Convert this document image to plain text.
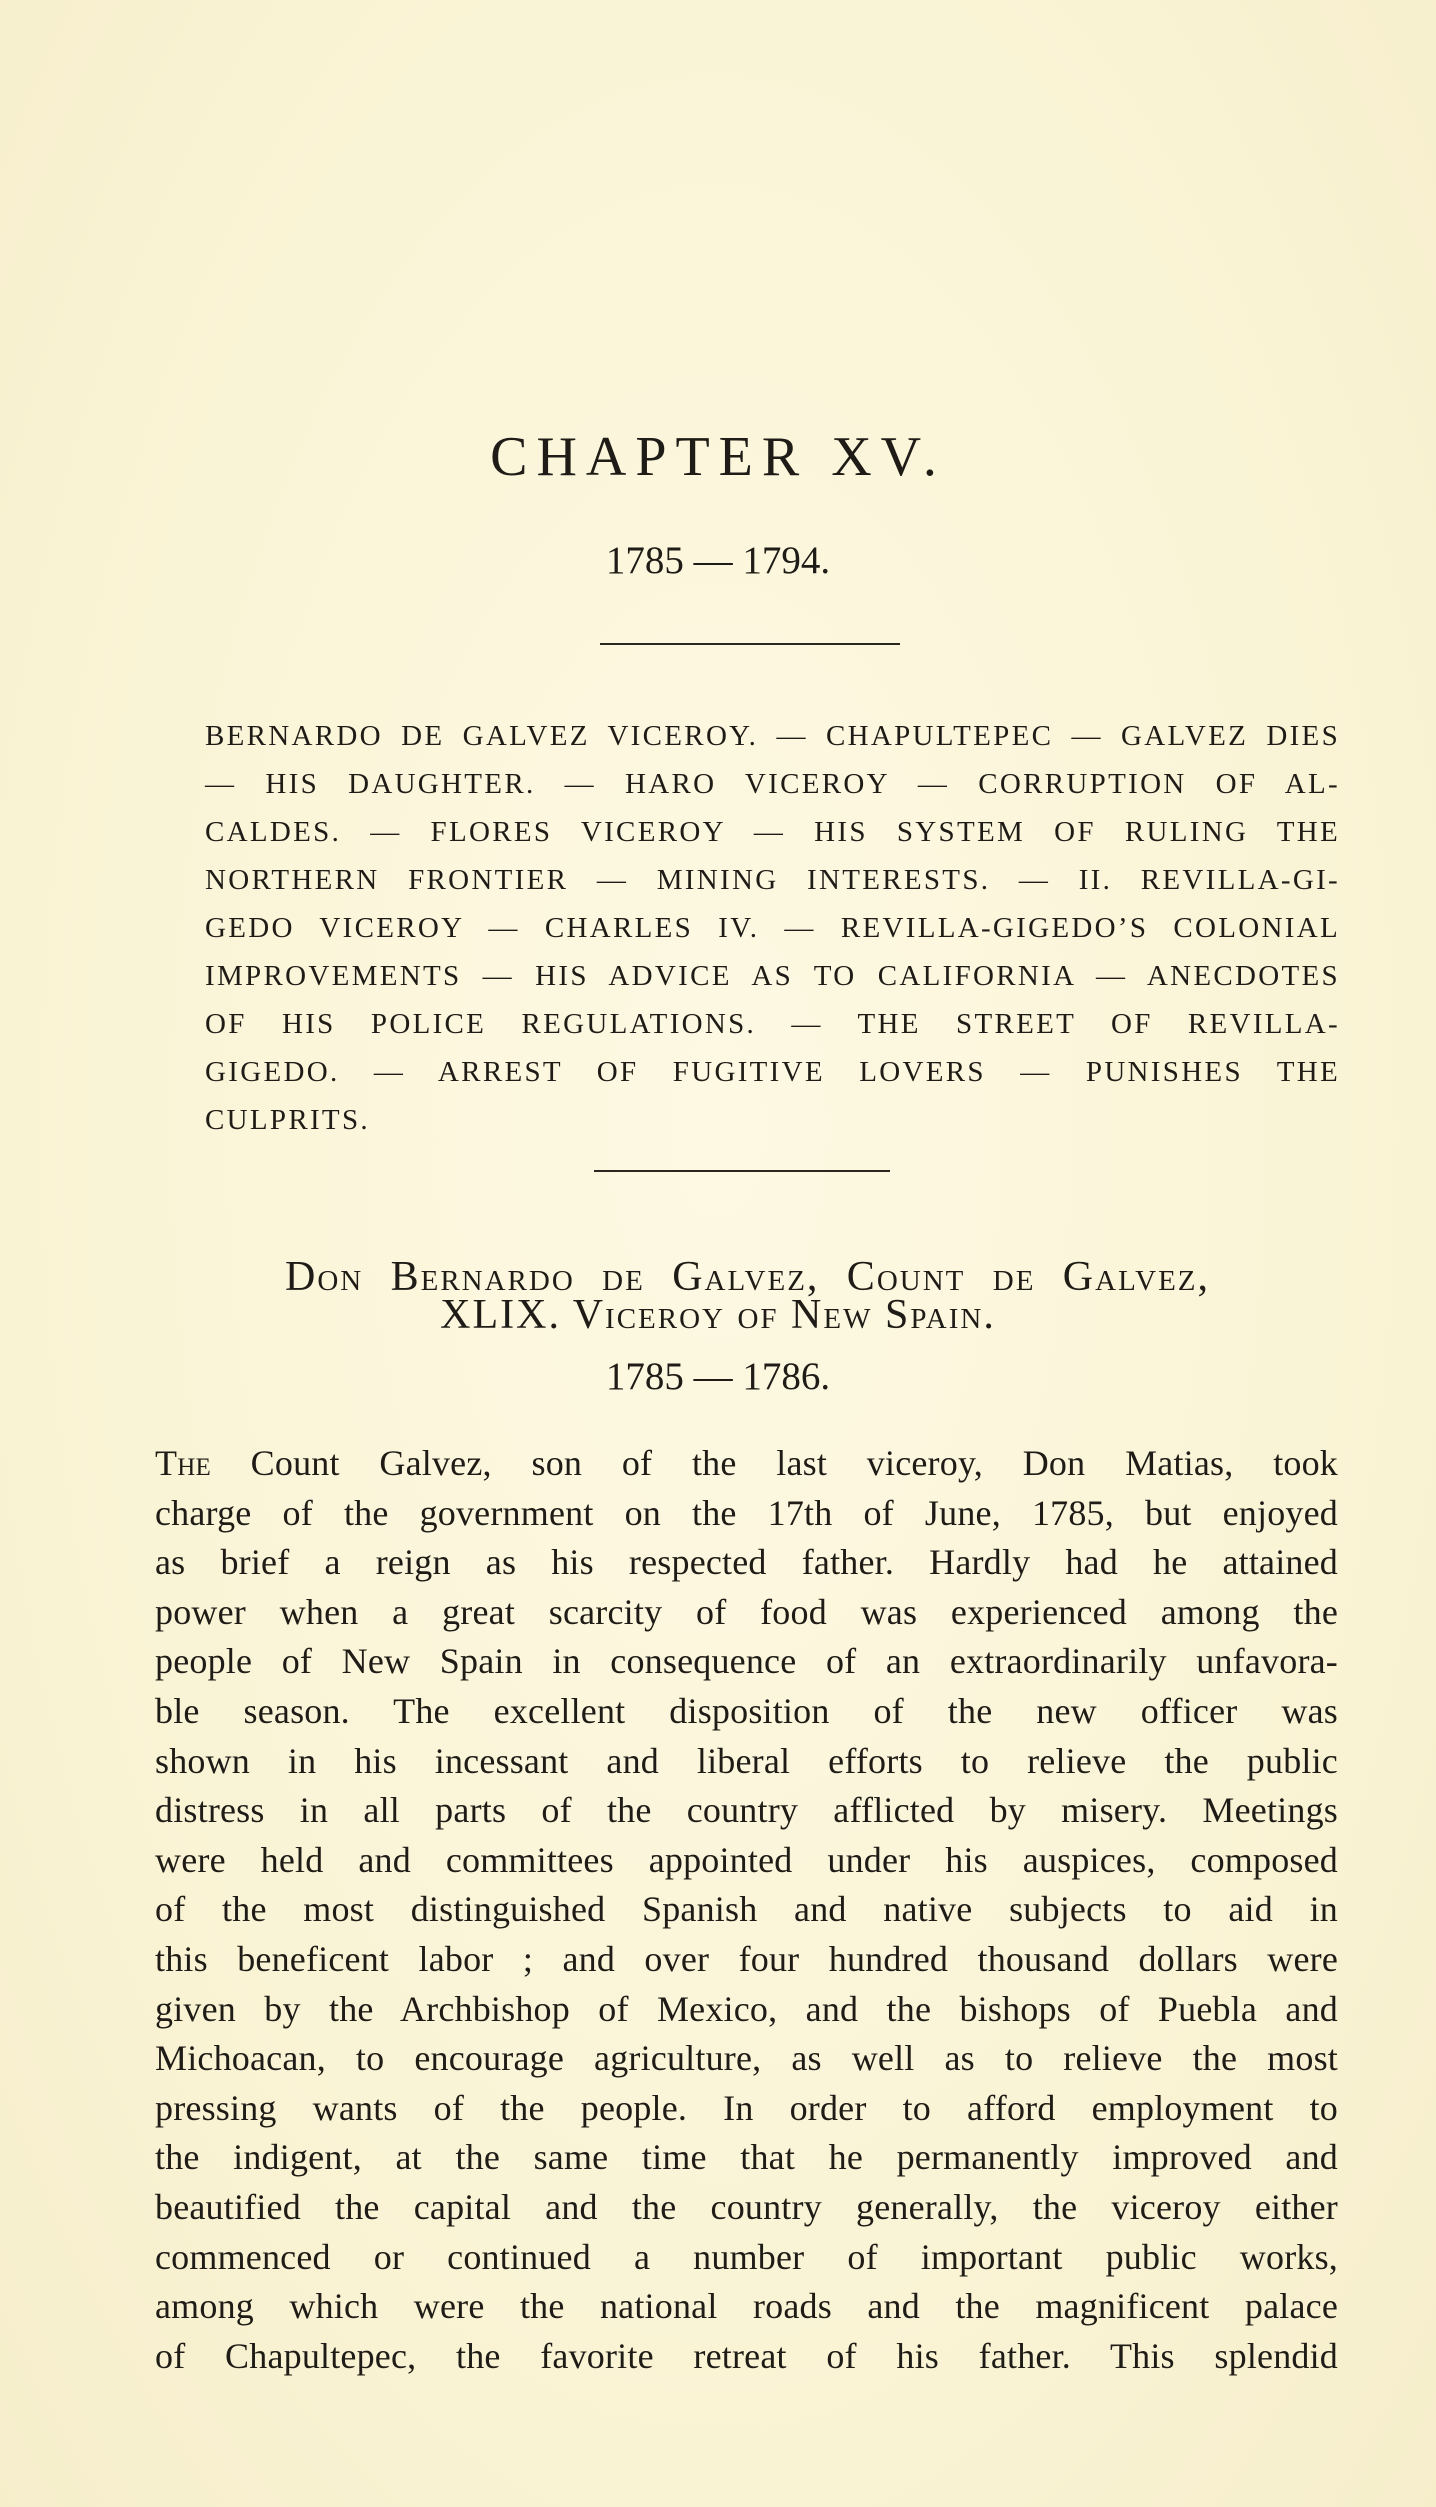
CHAPTER XV.

1785 — 1794.

BERNARDO DE GALVEZ VICEROY. — CHAPULTEPEC — GALVEZ DIES
— HIS DAUGHTER. — HARO VICEROY — CORRUPTION OF AL-
CALDES. — FLORES VICEROY — HIS SYSTEM OF RULING THE
NORTHERN FRONTIER — MINING INTERESTS. — II. REVILLA-GI-
GEDO VICEROY — CHARLES IV. — REVILLA-GIGEDO’S COLONIAL
IMPROVEMENTS — HIS ADVICE AS TO CALIFORNIA — ANECDOTES
OF HIS POLICE REGULATIONS. — THE STREET OF REVILLA-
GIGEDO. — ARREST OF FUGITIVE LOVERS — PUNISHES THE
CULPRITS.

Don Bernardo de Galvez, Count de Galvez,

XLIX. Viceroy of New Spain.

1785 — 1786.

The Count Galvez, son of the last viceroy, Don Matias, took
charge of the government on the 17th of June, 1785, but enjoyed
as brief a reign as his respected father. Hardly had he attained
power when a great scarcity of food was experienced among the
people of New Spain in consequence of an extraordinarily unfavora-
ble season. The excellent disposition of the new officer was
shown in his incessant and liberal efforts to relieve the public
distress in all parts of the country afflicted by misery. Meetings
were held and committees appointed under his auspices, composed
of the most distinguished Spanish and native subjects to aid in
this beneficent labor ; and over four hundred thousand dollars were
given by the Archbishop of Mexico, and the bishops of Puebla and
Michoacan, to encourage agriculture, as well as to relieve the most
pressing wants of the people. In order to afford employment to
the indigent, at the same time that he permanently improved and
beautified the capital and the country generally, the viceroy either
commenced or continued a number of important public works,
among which were the national roads and the magnificent palace
of Chapultepec, the favorite retreat of his father. This splendid
